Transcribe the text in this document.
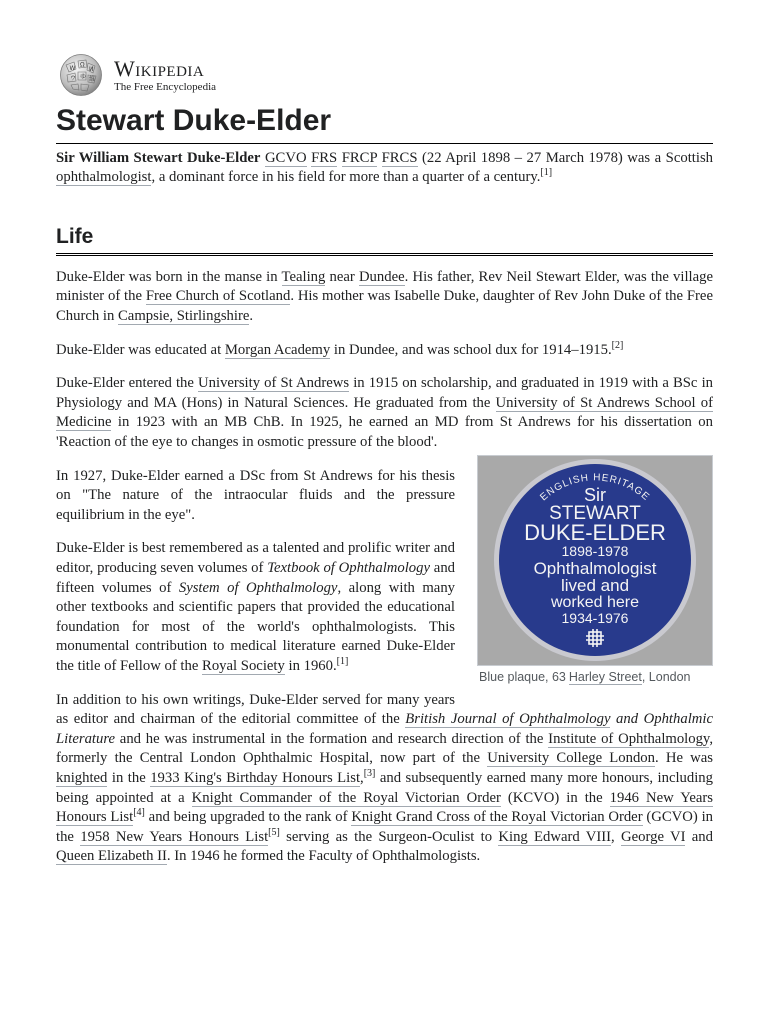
W Ω
И
ウ ゆ 維 Wikipedia
The Free Encyclopedia
Stewart Duke-Elder

Sir William Stewart Duke-Elder GCVO FRS FRCP FRCS (22 April 1898 – 27 March 1978) was a Scottish ophthalmologist, a dominant force in his field for more than a quarter of a century.[1]

Life

Duke-Elder was born in the manse in Tealing near Dundee. His father, Rev Neil Stewart Elder, was the village minister of the Free Church of Scotland. His mother was Isabelle Duke, daughter of Rev John Duke of the Free Church in Campsie, Stirlingshire.

Duke-Elder was educated at Morgan Academy in Dundee, and was school dux for 1914–1915.[2]

Duke-Elder entered the University of St Andrews in 1915 on scholarship, and graduated in 1919 with a BSc in Physiology and MA (Hons) in Natural Sciences. He graduated from the University of St Andrews School of Medicine in 1923 with an MB ChB. In 1925, he earned an MD from St Andrews for his dissertation on 'Reaction of the eye to changes in osmotic pressure of the blood'.

ENGLISH HERITAGE
Sir
STEWART
DUKE-ELDER
1898-1978
Ophthalmologist
lived and
worked here
1934-1976
Blue plaque, 63 Harley Street, London

In 1927, Duke-Elder earned a DSc from St Andrews for his thesis on "The nature of the intraocular fluids and the pressure equilibrium in the eye".

Duke-Elder is best remembered as a talented and prolific writer and editor, producing seven volumes of Textbook of Ophthalmology and fifteen volumes of System of Ophthalmology, along with many other textbooks and scientific papers that provided the educational foundation for most of the world's ophthalmologists. This monumental contribution to medical literature earned Duke-Elder the title of Fellow of the Royal Society in 1960.[1]

In addition to his own writings, Duke-Elder served for many years as editor and chairman of the editorial committee of the British Journal of Ophthalmology and Ophthalmic Literature and he was instrumental in the formation and research direction of the Institute of Ophthalmology, formerly the Central London Ophthalmic Hospital, now part of the University College London. He was knighted in the 1933 King's Birthday Honours List,[3] and subsequently earned many more honours, including being appointed at a Knight Commander of the Royal Victorian Order (KCVO) in the 1946 New Years Honours List[4] and being upgraded to the rank of Knight Grand Cross of the Royal Victorian Order (GCVO) in the 1958 New Years Honours List[5] serving as the Surgeon-Oculist to King Edward VIII, George VI and Queen Elizabeth II. In 1946 he formed the Faculty of Ophthalmologists.
